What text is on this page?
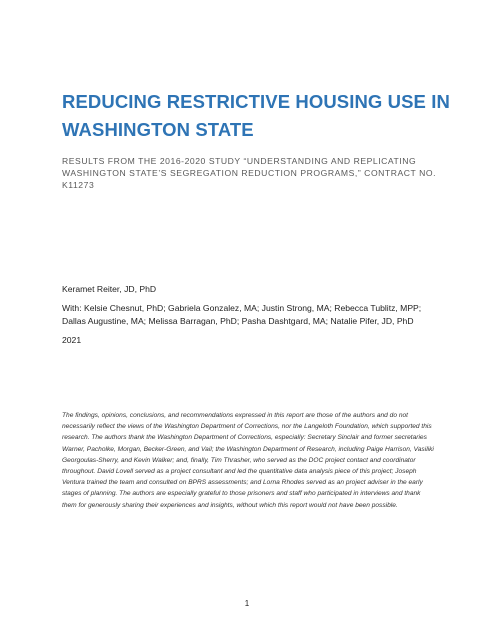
REDUCING RESTRICTIVE HOUSING USE IN WASHINGTON STATE

RESULTS FROM THE 2016-2020 STUDY “UNDERSTANDING AND REPLICATING WASHINGTON STATE’S SEGREGATION REDUCTION PROGRAMS,” CONTRACT NO. K11273

Keramet Reiter, JD, PhD
With: Kelsie Chesnut, PhD; Gabriela Gonzalez, MA; Justin Strong, MA; Rebecca Tublitz, MPP; Dallas Augustine, MA; Melissa Barragan, PhD; Pasha Dashtgard, MA; Natalie Pifer, JD, PhD
2021

The findings, opinions, conclusions, and recommendations expressed in this report are those of the authors and do not necessarily reflect the views of the Washington Department of Corrections, nor the Langeloth Foundation, which supported this research. The authors thank the Washington Department of Corrections, especially: Secretary Sinclair and former secretaries Warner, Pacholke, Morgan, Becker-Green, and Vail; the Washington Department of Research, including Paige Harrison, Vasiliki Georgoulas-Sherry, and Kevin Walker; and, finally, Tim Thrasher, who served as the DOC project contact and coordinator throughout. David Lovell served as a project consultant and led the quantitative data analysis piece of this project; Joseph Ventura trained the team and consulted on BPRS assessments; and Lorna Rhodes served as an project adviser in the early stages of planning. The authors are especially grateful to those prisoners and staff who participated in interviews and thank them for generously sharing their experiences and insights, without which this report would not have been possible.

1
